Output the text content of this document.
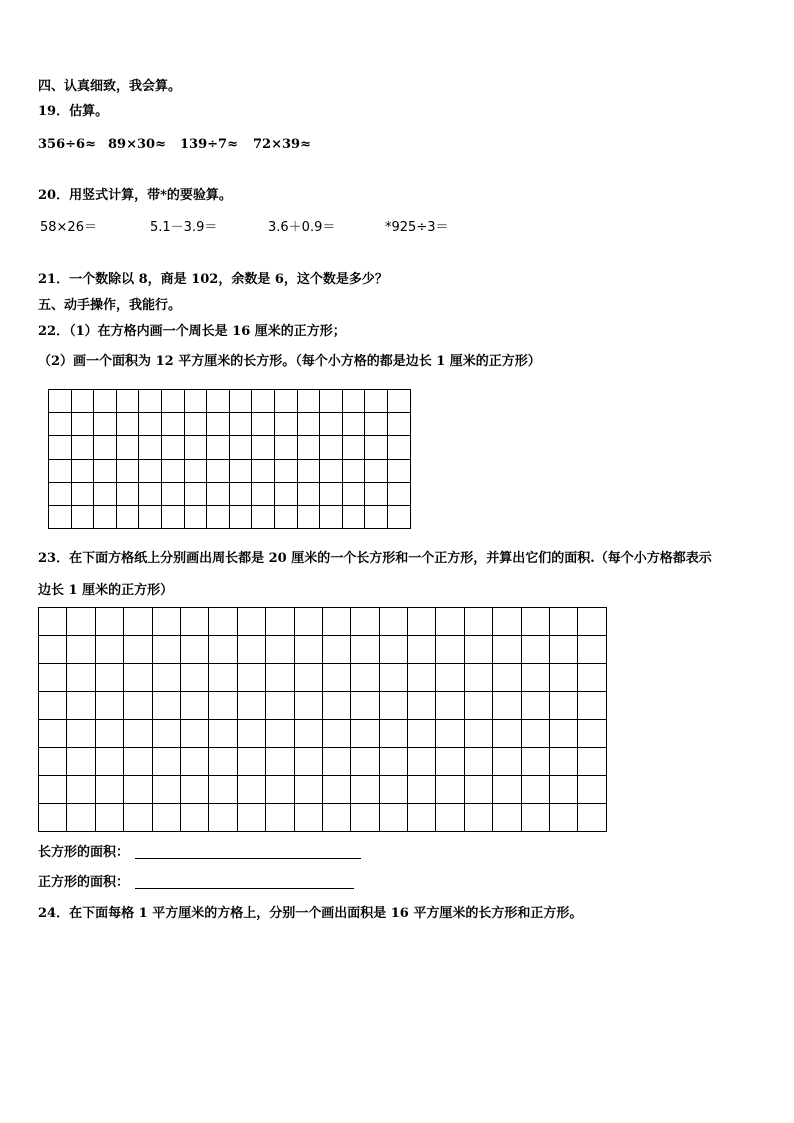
四、认真细致，我会算。
19．估算。
356÷6≈ 89×30≈ 139÷7≈ 72×39≈
20．用竖式计算，带*的要验算。
58×26＝	5.1－3.9＝	3.6＋0.9＝	*925÷3＝
21．一个数除以 8，商是 102，余数是 6，这个数是多少？
五、动手操作，我能行。
22．（1）在方格内画一个周长是 16 厘米的正方形；
（2）画一个面积为 12 平方厘米的长方形。（每个小方格的都是边长 1 厘米的正方形）

23．在下面方格纸上分别画出周长都是 20 厘米的一个长方形和一个正方形，并算出它们的面积.（每个小方格都表示
边长 1 厘米的正方形）

长方形的面积：
正方形的面积：
24．在下面每格 1 平方厘米的方格上，分别一个画出面积是 16 平方厘米的长方形和正方形。
